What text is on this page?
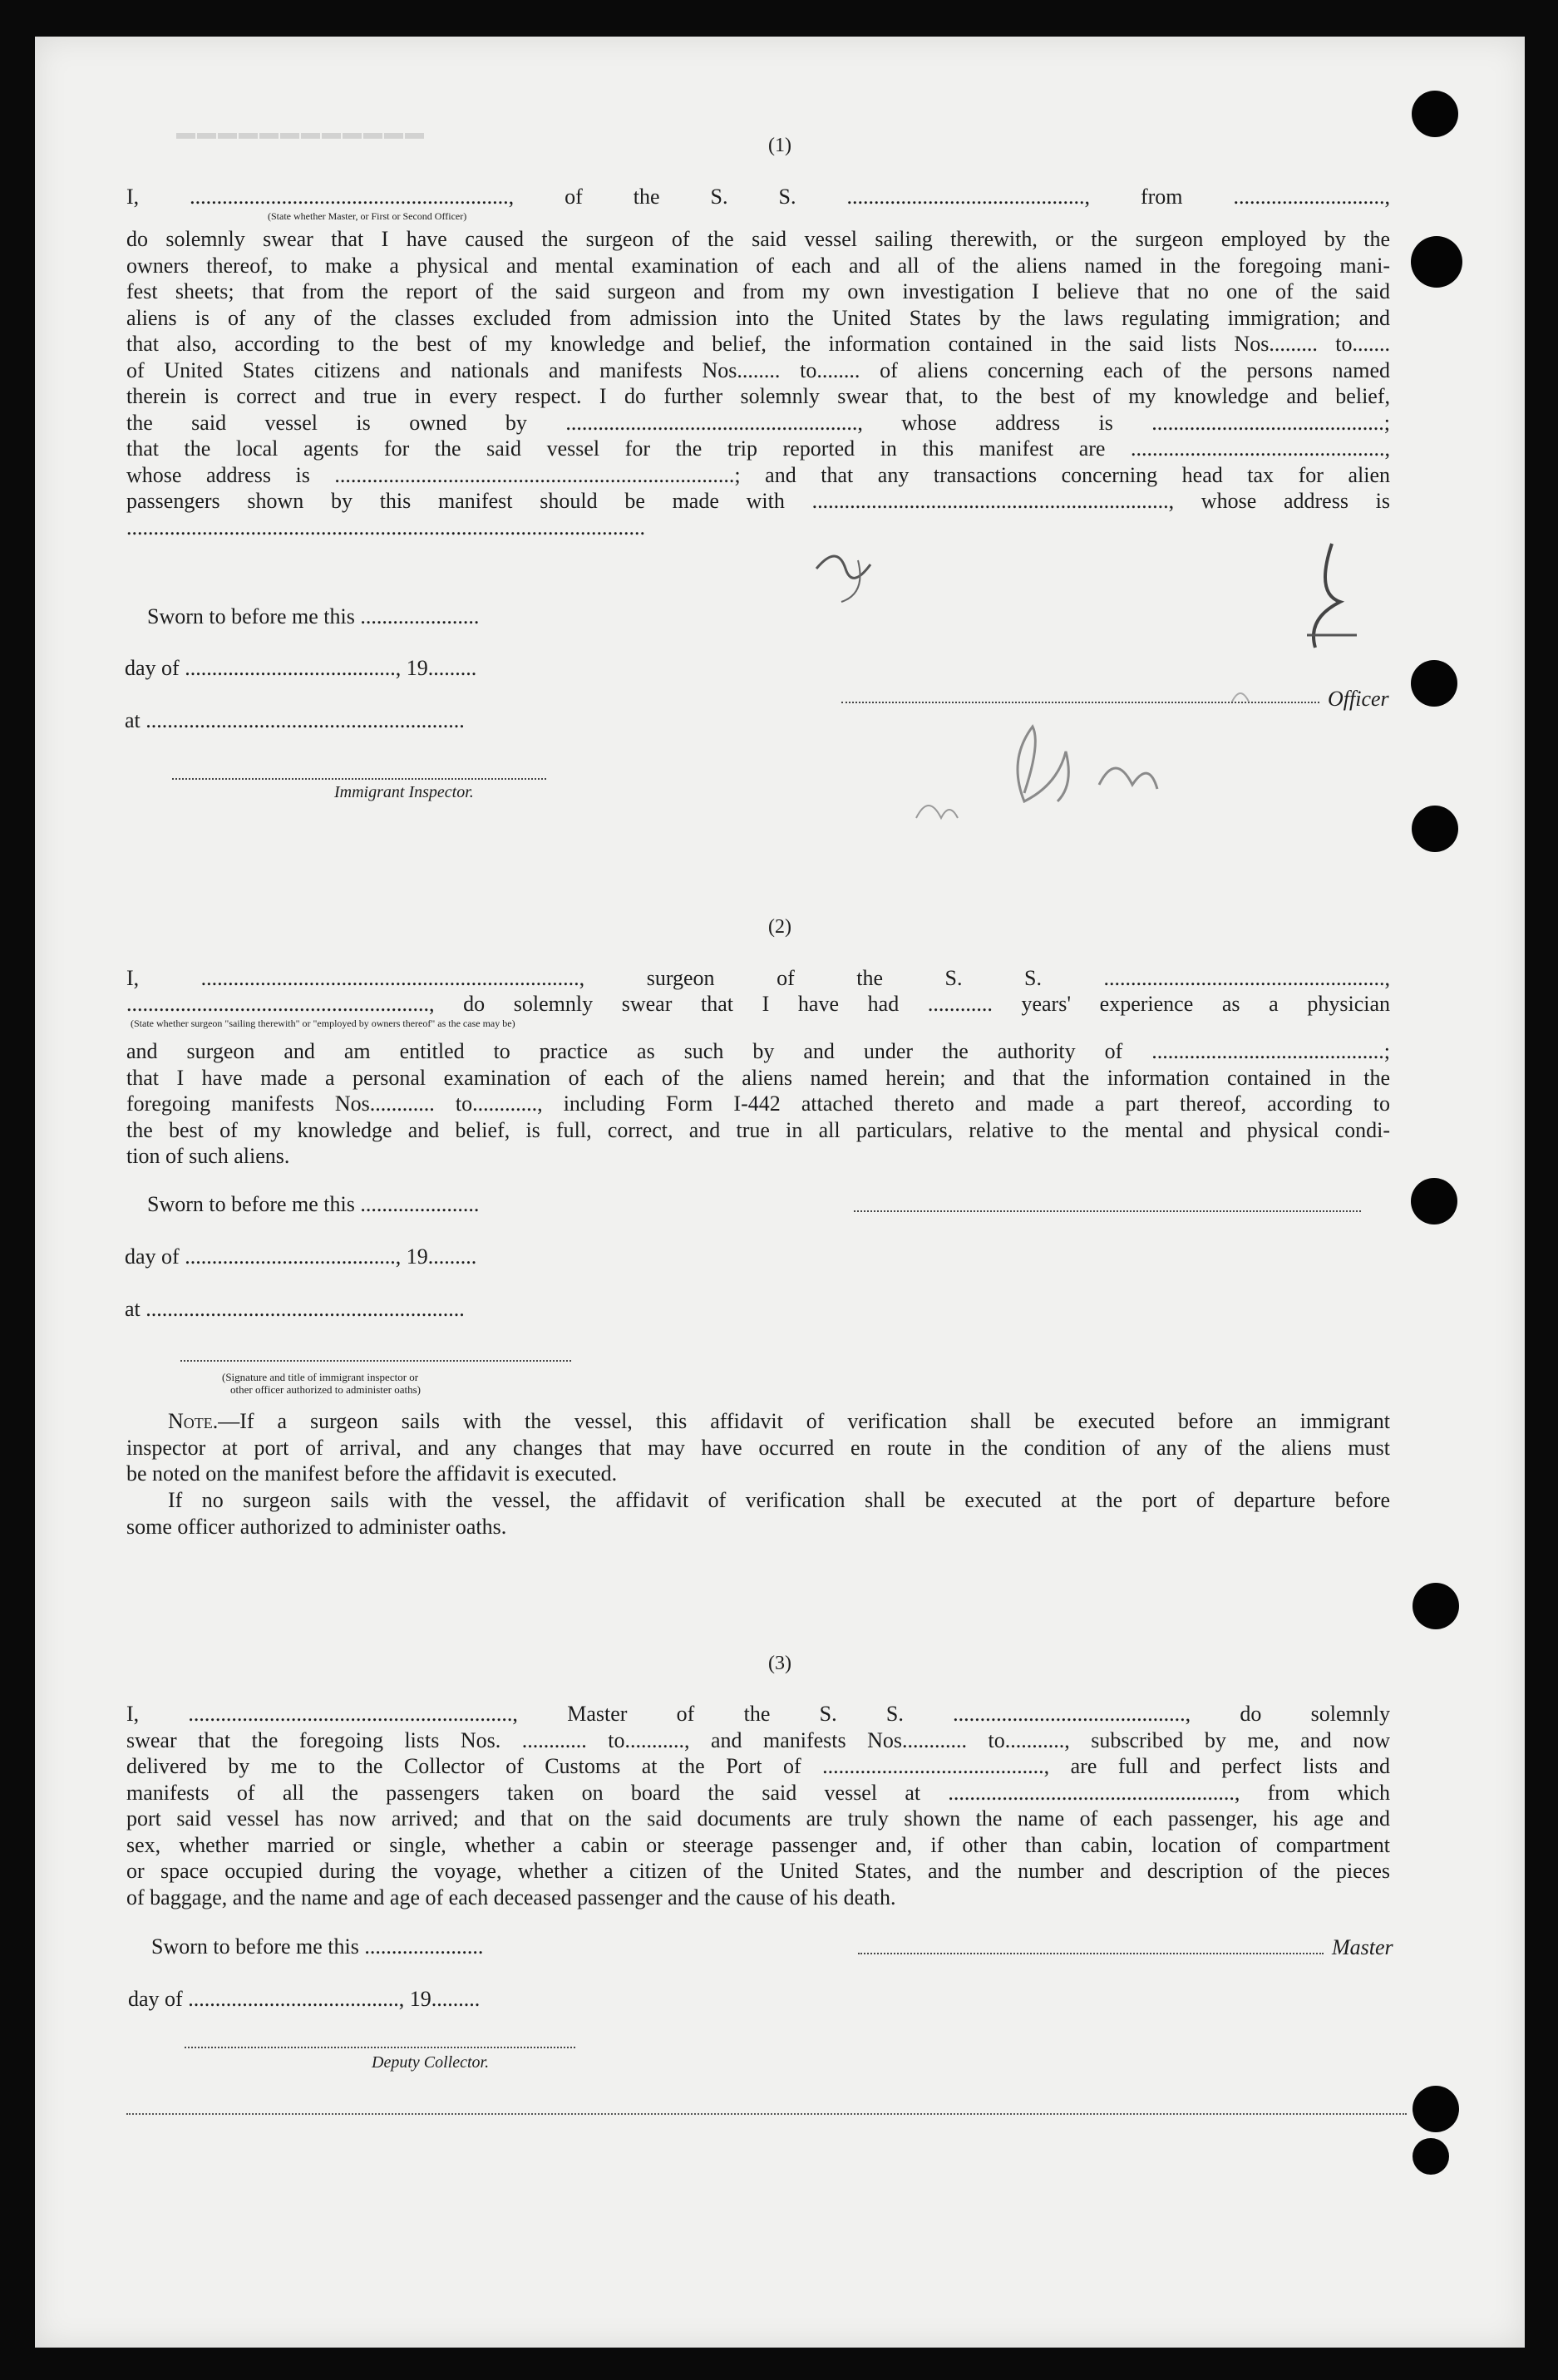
▬▬▬▬▬▬▬▬▬▬▬▬	(1)
I, ..........................................................., of the S. S. ............................................, from ............................,
(State whether Master, or First or Second Officer)
do solemnly swear that I have caused the surgeon of the said vessel sailing therewith, or the surgeon employed by the
owners thereof, to make a physical and mental examination of each and all of the aliens named in the foregoing mani-
fest sheets; that from the report of the said surgeon and from my own investigation I believe that no one of the said
aliens is of any of the classes excluded from admission into the United States by the laws regulating immigration; and
that also, according to the best of my knowledge and belief, the information contained in the said lists Nos......... to.......
of United States citizens and nationals and manifests Nos........ to........ of aliens concerning each of the persons named
therein is correct and true in every respect. I do further solemnly swear that, to the best of my knowledge and belief,
the said vessel is owned by ......................................................, whose address is ...........................................;
that the local agents for the said vessel for the trip reported in this manifest are ...............................................,
whose address is ..........................................................................; and that any transactions concerning head tax for alien
passengers shown by this manifest should be made with .................................................................., whose address is
................................................................................................
Sworn to before me this ......................
day of ......................................., 19.........
at ...........................................................
Officer
Immigrant Inspector.
(2)
I, ......................................................................, surgeon of the S. S. ....................................................,
........................................................, do solemnly swear that I have had ............ years' experience as a physician
(State whether surgeon "sailing therewith" or "employed by owners thereof" as the case may be)
and surgeon and am entitled to practice as such by and under the authority of ...........................................;
that I have made a personal examination of each of the aliens named herein; and that the information contained in the
foregoing manifests Nos............ to............, including Form I-442 attached thereto and made a part thereof, according to
the best of my knowledge and belief, is full, correct, and true in all particulars, relative to the mental and physical condi-
tion of such aliens.
Sworn to before me this ......................
day of ......................................., 19.........
at ...........................................................
(Signature and title of immigrant inspector or
other officer authorized to administer oaths)
Note.—If a surgeon sails with the vessel, this affidavit of verification shall be executed before an immigrant
inspector at port of arrival, and any changes that may have occurred en route in the condition of any of the aliens must
be noted on the manifest before the affidavit is executed.
If no surgeon sails with the vessel, the affidavit of verification shall be executed at the port of departure before
some officer authorized to administer oaths.
(3)
I, ............................................................, Master of the S. S. ..........................................., do solemnly
swear that the foregoing lists Nos. ............ to..........., and manifests Nos............ to..........., subscribed by me, and now
delivered by me to the Collector of Customs at the Port of ........................................., are full and perfect lists and
manifests of all the passengers taken on board the said vessel at ....................................................., from which
port said vessel has now arrived; and that on the said documents are truly shown the name of each passenger, his age and
sex, whether married or single, whether a cabin or steerage passenger and, if other than cabin, location of compartment
or space occupied during the voyage, whether a citizen of the United States, and the number and description of the pieces
of baggage, and the name and age of each deceased passenger and the cause of his death.
Sworn to before me this ......................	Master
day of ......................................., 19.........
Deputy Collector.
